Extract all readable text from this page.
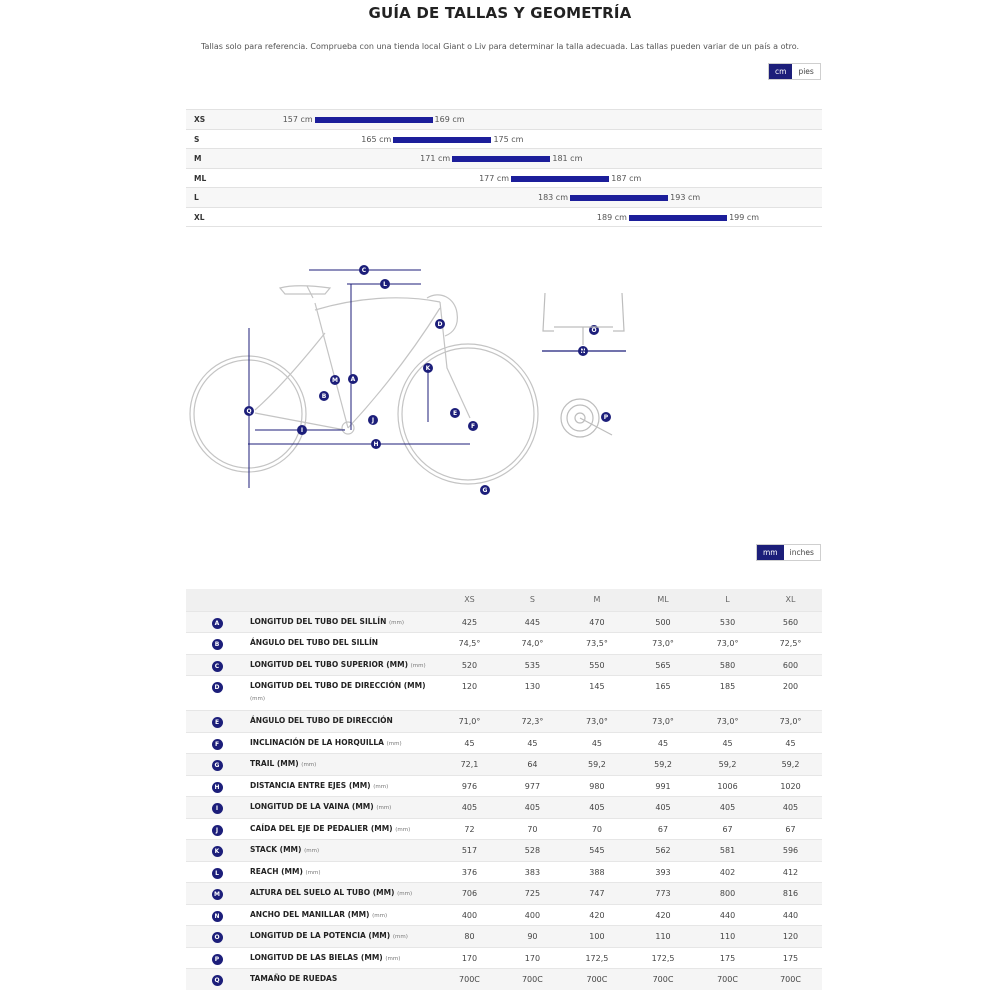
GUÍA DE TALLAS Y GEOMETRÍA
Tallas solo para referencia. Comprueba con una tienda local Giant o Liv para determinar la talla adecuada. Las tallas pueden variar de un país a otro.
cm	pies
XS	157 cm	169 cm
S	165 cm	175 cm
M	171 cm	181 cm
ML	177 cm	187 cm
L	183 cm	193 cm
XL	189 cm	199 cm
A
B
C
D
E
F
G
H
I
J
K
L
M
N
O
P
Q
mm	inches
		XS	S	M	ML	L	XL
A	LONGITUD DEL TUBO DEL SILLÍN (mm)	425	445	470	500	530	560
B	ÁNGULO DEL TUBO DEL SILLÍN	74,5°	74,0°	73,5°	73,0°	73,0°	72,5°
C	LONGITUD DEL TUBO SUPERIOR (MM) (mm)	520	535	550	565	580	600
D	LONGITUD DEL TUBO DE DIRECCIÓN (MM) (mm)	120	130	145	165	185	200
E	ÁNGULO DEL TUBO DE DIRECCIÓN	71,0°	72,3°	73,0°	73,0°	73,0°	73,0°
F	INCLINACIÓN DE LA HORQUILLA (mm)	45	45	45	45	45	45
G	TRAIL (MM) (mm)	72,1	64	59,2	59,2	59,2	59,2
H	DISTANCIA ENTRE EJES (MM) (mm)	976	977	980	991	1006	1020
I	LONGITUD DE LA VAINA (MM) (mm)	405	405	405	405	405	405
J	CAÍDA DEL EJE DE PEDALIER (MM) (mm)	72	70	70	67	67	67
K	STACK (MM) (mm)	517	528	545	562	581	596
L	REACH (MM) (mm)	376	383	388	393	402	412
M	ALTURA DEL SUELO AL TUBO (MM) (mm)	706	725	747	773	800	816
N	ANCHO DEL MANILLAR (MM) (mm)	400	400	420	420	440	440
O	LONGITUD DE LA POTENCIA (MM) (mm)	80	90	100	110	110	120
P	LONGITUD DE LAS BIELAS (MM) (mm)	170	170	172,5	172,5	175	175
Q	TAMAÑO DE RUEDAS	700C	700C	700C	700C	700C	700C
